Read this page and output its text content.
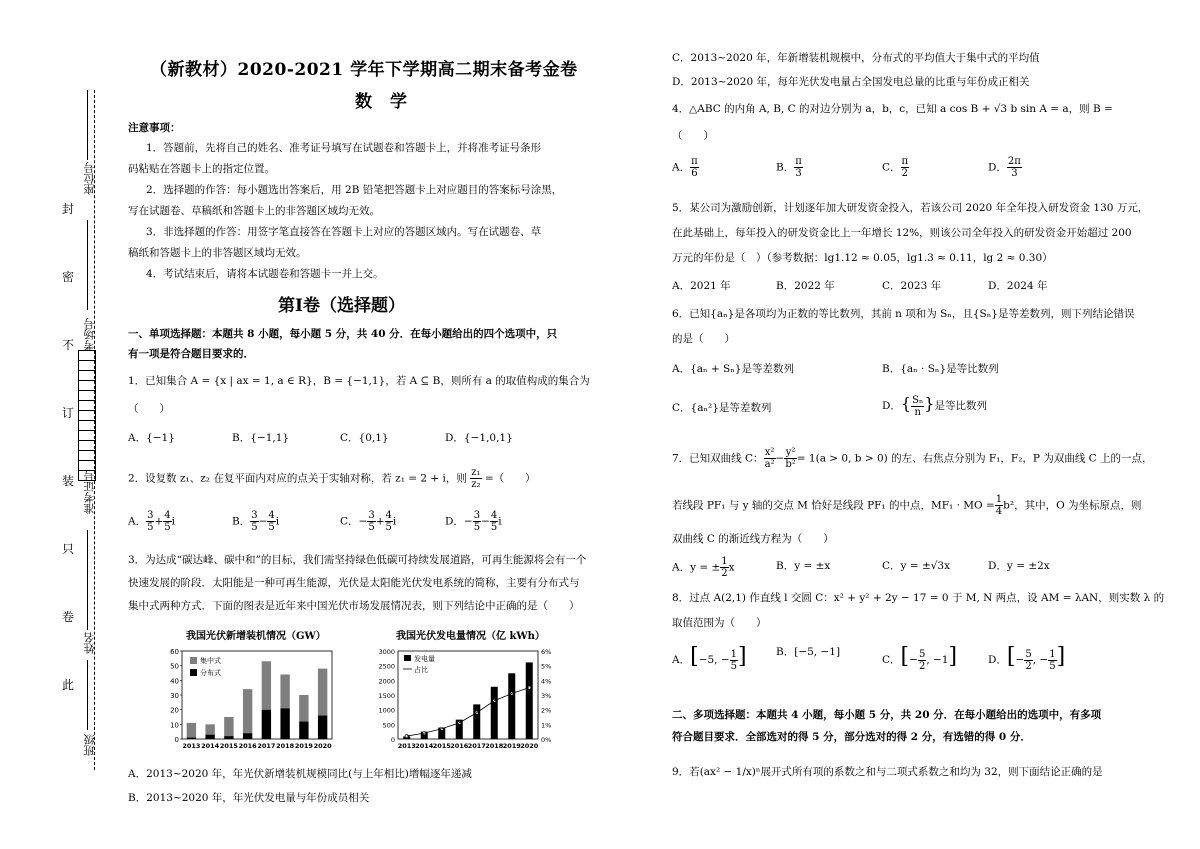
封
密
不
订
装
只
卷
此
座位号
考场号
准考证号
姓名
班级
（新教材）2020-2021 学年下学期高二期末备考金卷
数学
注意事项：
1．答题前，先将自己的姓名、准考证号填写在试题卷和答题卡上，并将准考证号条形
码粘贴在答题卡上的指定位置。
2．选择题的作答：每小题选出答案后，用 2B 铅笔把答题卡上对应题目的答案标号涂黑，
写在试题卷、草稿纸和答题卡上的非答题区域均无效。
3．非选择题的作答：用签字笔直接答在答题卡上对应的答题区域内。写在试题卷、草
稿纸和答题卡上的非答题区域均无效。
4．考试结束后，请将本试题卷和答题卡一并上交。
第Ⅰ卷（选择题）
一、单项选择题：本题共 8 小题，每小题 5 分，共 40 分．在每小题给出的四个选项中，只
有一项是符合题目要求的．
1．已知集合 A = {x | ax = 1, a ∈ R}，B = {−1,1}，若 A ⊆ B，则所有 a 的取值构成的集合为
（　　）
A．{−1}	B．{−1,1}	C．{0,1}	D．{−1,0,1}
2．设复数 z₁、z₂ 在复平面内对应的点关于实轴对称，若 z₁ = 2 + i，则 $\frac{\text{z₁}}{\text{z₂}}$ =（　　）
A． $\frac{3}{5} + \frac{4}{5}$ i	B． $\frac{3}{5} - \frac{4}{5}$ i	C．− $\frac{3}{5} + \frac{4}{5}$ i	D．− $\frac{3}{5} - \frac{4}{5}$ i
3．为达成“碳达峰、碳中和”的目标，我们需坚持绿色低碳可持续发展道路，可再生能源将会有一个
快速发展的阶段．太阳能是一种可再生能源，光伏是太阳能光伏发电系统的简称，主要有分布式与
集中式两种方式．下面的图表是近年来中国光伏市场发展情况表，则下列结论中正确的是（　　）
我国光伏新增装机情况（GW）	我国光伏发电量情况（亿 kWh）
0
10
20
30
40
50
60
2013 2014 2015 2016 2017 2018 2019 2020
集中式
分布式
0
500
1000
1500
2000
2500
3000
0%
1%
2%
3%
4%
5%
6%
2013 2014 2015 2016 2017 2018 2019 2020
发电量
占比
A．2013~2020 年，年光伏新增装机规模同比(与上年相比)增幅逐年递减
B．2013~2020 年，年光伏发电量与年份成员相关
C．2013~2020 年，年新增装机规模中，分布式的平均值大于集中式的平均值
D．2013~2020 年，每年光伏发电量占全国发电总量的比重与年份成正相关
4．△ABC 的内角 A, B, C 的对边分别为 a，b，c，已知 a cos B + √3 b sin A = a，则 B =
（　　）
A． $\frac{\pi}{6}$	B． $\frac{\pi}{3}$	C． $\frac{\pi}{2}$	D． $\frac{2\pi}{3}$
5．某公司为激励创新，计划逐年加大研发资金投入，若该公司 2020 年全年投入研发资金 130 万元，
在此基础上，每年投入的研发资金比上一年增长 12%，则该公司全年投入的研发资金开始超过 200
万元的年份是（　）（参考数据：lg1.12 ≈ 0.05，lg1.3 ≈ 0.11，lg 2 ≈ 0.30）
A．2021 年	B．2022 年	C．2023 年	D．2024 年
6．已知{aₙ}是各项均为正数的等比数列，其前 n 项和为 Sₙ，且{Sₙ}是等差数列，则下列结论错误
的是（　　）
A．{aₙ + Sₙ}是等差数列	B．{aₙ · Sₙ}是等比数列
C．{aₙ²}是等差数列	D．{ $\frac{\text{Sₙ}}{n}$ }是等比数列
7．已知双曲线 C： $\frac{\text{x²}}{\text{a²}} - \frac{\text{y²}}{\text{b²}} = 1(a > 0$, b > 0) 的左、右焦点分别为 F₁，F₂，P 为双曲线 C 上的一点，
若线段 PF₁ 与 y 轴的交点 M 恰好是线段 PF₁ 的中点，MF₁ · MO = $\frac{1}{4} b^2$，其中，O 为坐标原点，则
双曲线 C 的渐近线方程为（　　）
A．y = ± $\frac{1}{2}$ x	B．y = ±x	C．y = ±√3x	D．y = ±2x
8．过点 A(2,1) 作直线 l 交圆 C：x² + y² + 2y − 17 = 0 于 M, N 两点，设 AM = λAN，则实数 λ 的
取值范围为（　　）
A．[−5, − $\frac{1}{5}$ ]	B．[−5, −1]
C．[− $\frac{5}{2}$ , −1]	D．[− $\frac{5}{2}$ , − $\frac{1}{5}$ ]
二、多项选择题：本题共 4 小题，每小题 5 分，共 20 分．在每小题给出的选项中，有多项
符合题目要求．全部选对的得 5 分，部分选对的得 2 分，有选错的得 0 分．
9．若(ax² − 1/x)ⁿ展开式所有项的系数之和与二项式系数之和均为 32，则下面结论正确的是
